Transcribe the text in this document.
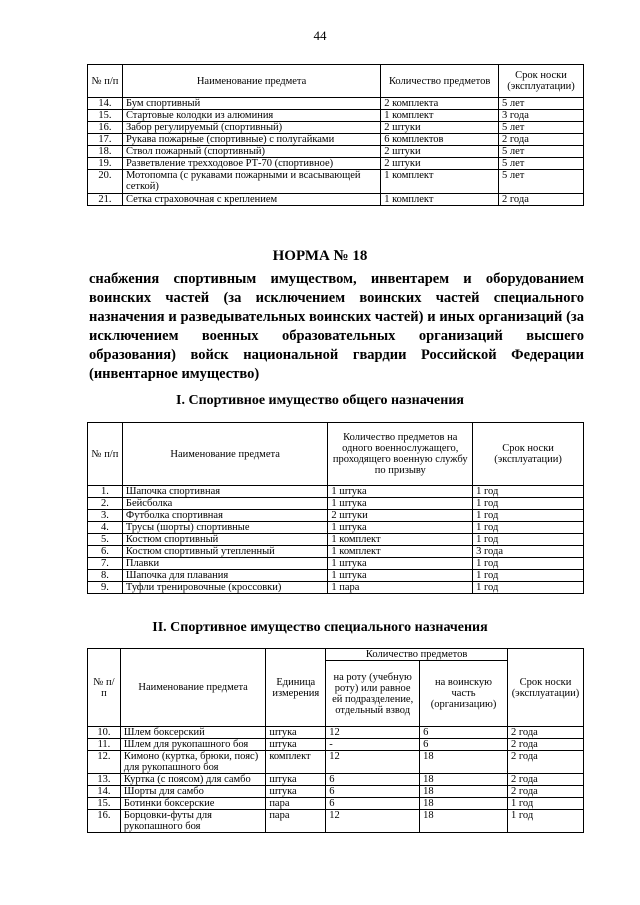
44
№ п/п	Наименование предмета	Количество предметов	Срок носки (эксплуатации)
14.	Бум спортивный	2 комплекта	5 лет
15.	Стартовые колодки из алюминия	1 комплект	3 года
16.	Забор регулируемый (спортивный)	2 штуки	5 лет
17.	Рукава пожарные (спортивные) с полугайками	6 комплектов	2 года
18.	Ствол пожарный (спортивный)	2 штуки	5 лет
19.	Разветвление трехходовое РТ-70 (спортивное)	2 штуки	5 лет
20.	Мотопомпа (с рукавами пожарными и всасывающей сеткой)	1 комплект	5 лет
21.	Сетка страховочная с креплением	1 комплект	2 года
НОРМА № 18
снабжения спортивным имуществом, инвентарем и оборудованием воинских частей (за исключением воинских частей специального назначения и разведывательных воинских частей) и иных организаций (за исключением военных образовательных организаций высшего образования) войск национальной гвардии Российской Федерации (инвентарное имущество)
I. Спортивное имущество общего назначения
№ п/п	Наименование предмета	Количество предметов на одного военнослужащего, проходящего военную службу по призыву	Срок носки (эксплуатации)
1.	Шапочка спортивная	1 штука	1 год
2.	Бейсболка	1 штука	1 год
3.	Футболка спортивная	2 штуки	1 год
4.	Трусы (шорты) спортивные	1 штука	1 год
5.	Костюм спортивный	1 комплект	1 год
6.	Костюм спортивный утепленный	1 комплект	3 года
7.	Плавки	1 штука	1 год
8.	Шапочка для плавания	1 штука	1 год
9.	Туфли тренировочные (кроссовки)	1 пара	1 год
II. Спортивное имущество специального назначения
№ п/п	Наименование предмета	Единица измерения	Количество предметов		Срок носки (эксплуатации)
			на роту (учебную роту) или равное ей подразделение, отдельный взвод	на воинскую часть (организацию)	
10.	Шлем боксерский	штука	12	6	2 года
11.	Шлем для рукопашного боя	штука	-	6	2 года
12.	Кимоно (куртка, брюки, пояс) для рукопашного боя	комплект	12	18	2 года
13.	Куртка (с поясом) для самбо	штука	6	18	2 года
14.	Шорты для самбо	штука	6	18	2 года
15.	Ботинки боксерские	пара	6	18	1 год
16.	Борцовки-футы для рукопашного боя	пара	12	18	1 год
